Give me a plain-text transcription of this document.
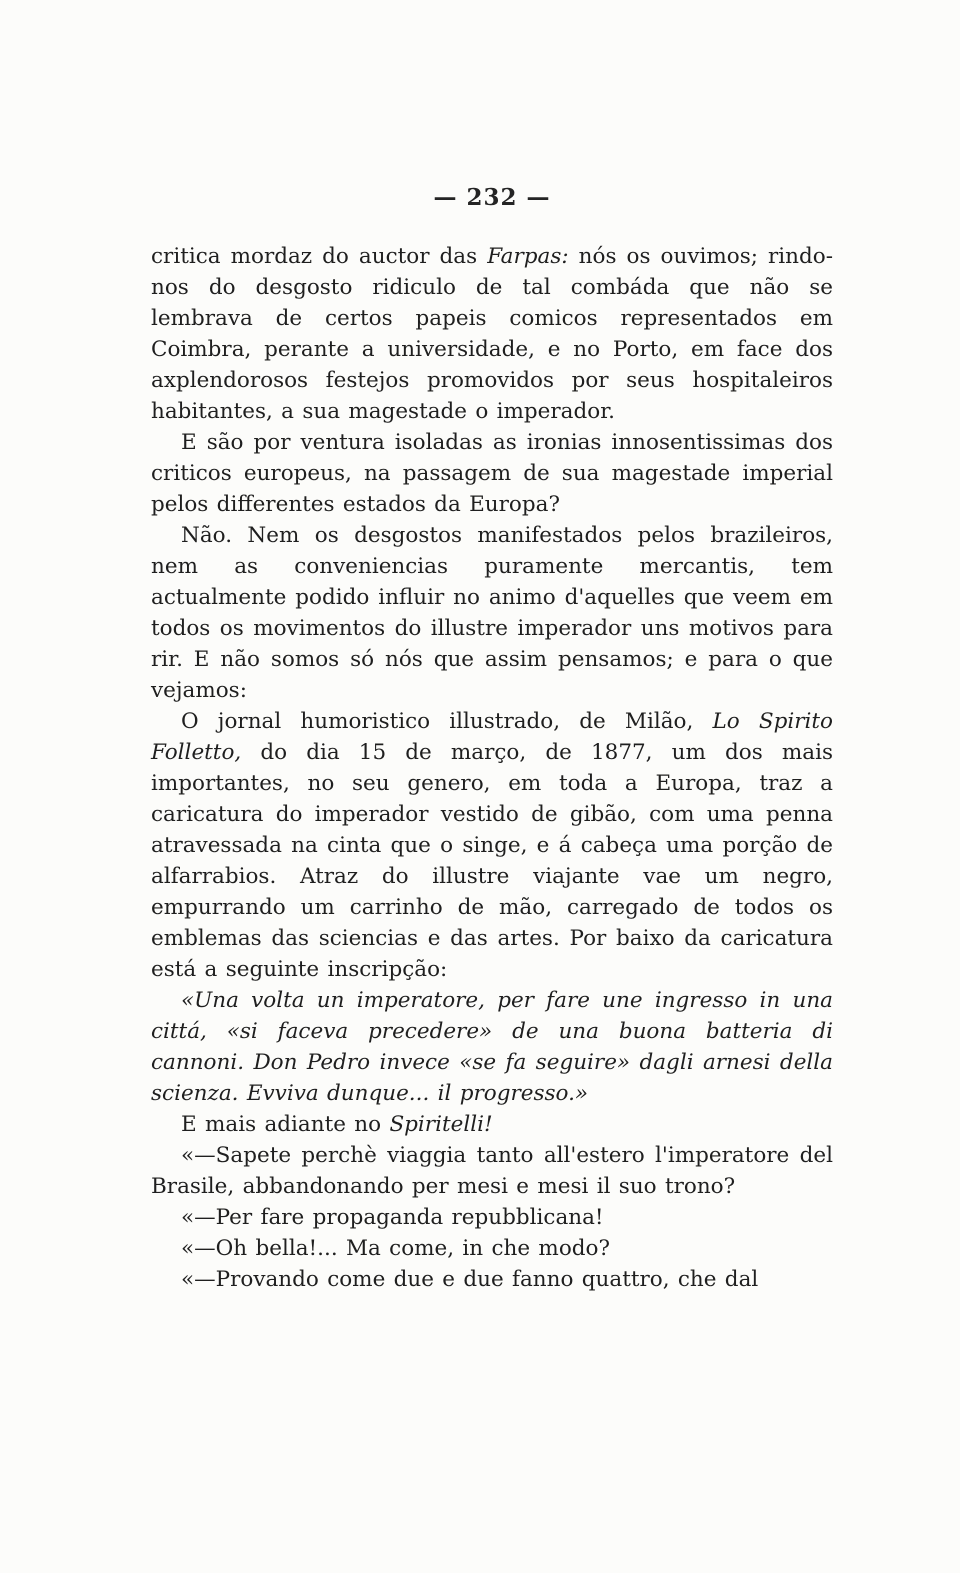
— 232 —

critica mordaz do auctor das Farpas: nós os ouvimos; rindo-nos do desgosto ridiculo de tal combáda que não se lembrava de certos papeis comicos representados em Coimbra, perante a universidade, e no Porto, em face dos axplendorosos festejos promovidos por seus hospitaleiros habitantes, a sua magestade o imperador.

E são por ventura isoladas as ironias innosentissimas dos criticos europeus, na passagem de sua magestade imperial pelos differentes estados da Europa?

Não. Nem os desgostos manifestados pelos brazileiros, nem as conveniencias puramente mercantis, tem actualmente podido influir no animo d'aquelles que veem em todos os movimentos do illustre imperador uns motivos para rir. E não somos só nós que assim pensamos; e para o que vejamos:

O jornal humoristico illustrado, de Milão, Lo Spirito Folletto, do dia 15 de março, de 1877, um dos mais importantes, no seu genero, em toda a Europa, traz a caricatura do imperador vestido de gibão, com uma penna atravessada na cinta que o singe, e á cabeça uma porção de alfarrabios. Atraz do illustre viajante vae um negro, empurrando um carrinho de mão, carregado de todos os emblemas das sciencias e das artes. Por baixo da caricatura está a seguinte inscripção:

«Una volta un imperatore, per fare une ingresso in una cittá, «si faceva precedere» de una buona batteria di cannoni. Don Pedro invece «se fa seguire» dagli arnesi della scienza. Evviva dunque... il progresso.»

E mais adiante no Spiritelli!

«—Sapete perchè viaggia tanto all'estero l'imperatore del Brasile, abbandonando per mesi e mesi il suo trono?

«—Per fare propaganda repubblicana!

«—Oh bella!... Ma come, in che modo?

«—Provando come due e due fanno quattro, che dal
